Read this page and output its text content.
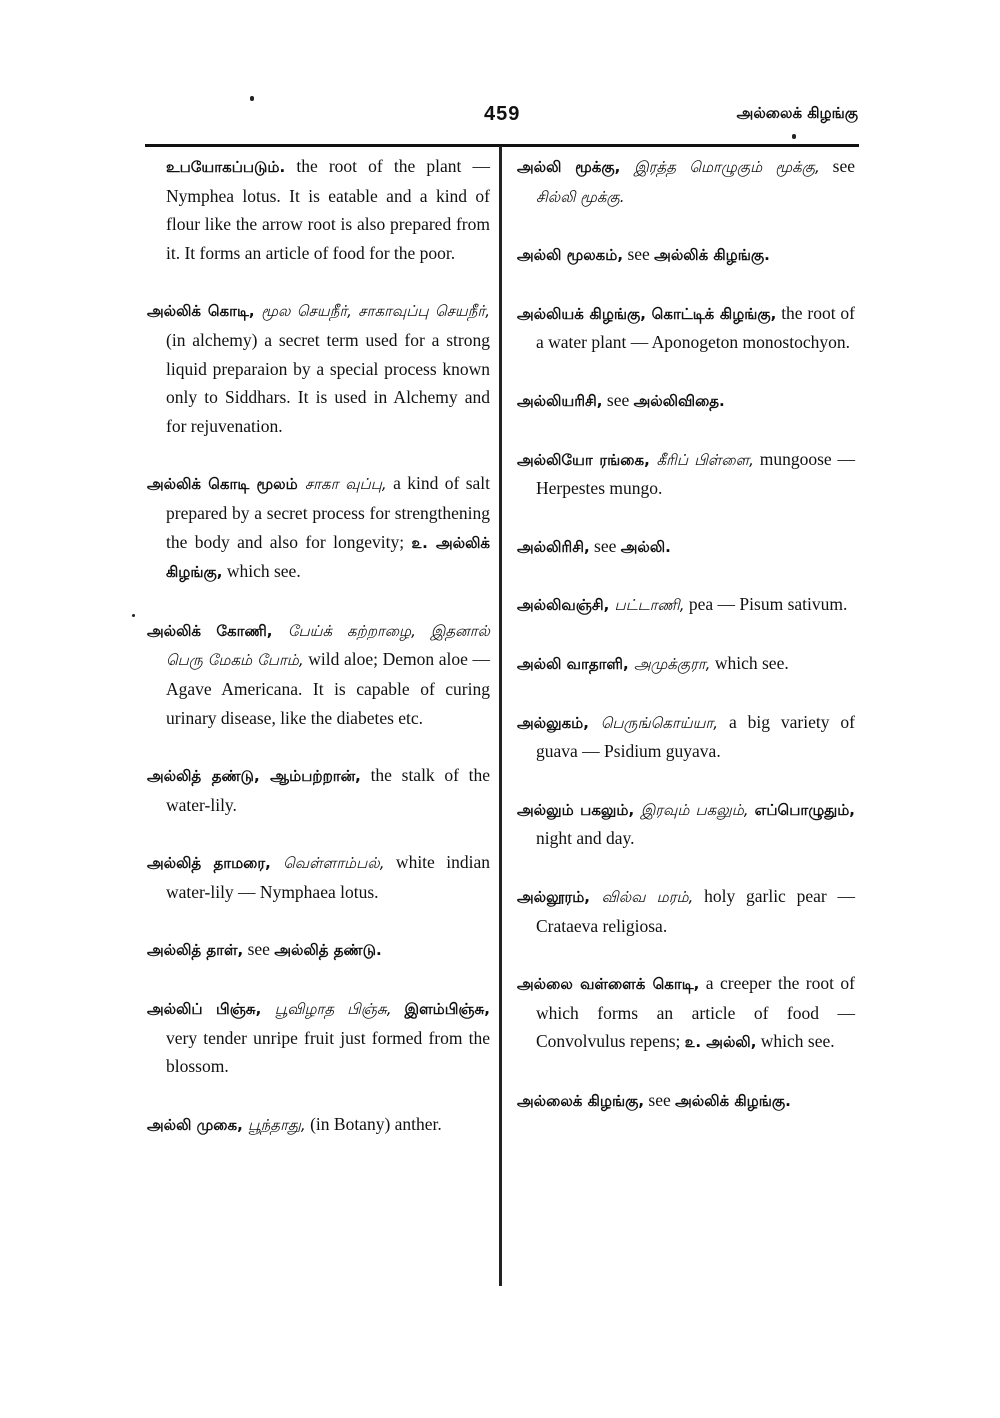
459	அல்லைக் கிழங்கு

உபயோகப்படும். the root of the plant — Nymphea lotus. It is eatable and a kind of flour like the arrow root is also prepared from it. It forms an article of food for the poor.

அல்லிக் கொடி, மூல செயநீர், சாகாவுப்பு செயநீர், (in alchemy) a secret term used for a strong liquid preparaion by a special process known only to Siddhars. It is used in Alchemy and for rejuvenation.

அல்லிக் கொடி மூலம் சாகா வுப்பு, a kind of salt prepared by a secret process for strengthening the body and also for longevity; ௨. அல்லிக் கிழங்கு, which see.

அல்லிக் கோணி, பேய்க் கற்றாழை, இதனால் பெரு மேகம் போம், wild aloe; Demon aloe — Agave Americana. It is capable of curing urinary disease, like the diabetes etc.

அல்லித் தண்டு, ஆம்பற்றான், the stalk of the water-lily.

அல்லித் தாமரை, வெள்ளாம்பல், white indian water-lily — Nymphaea lotus.

அல்லித் தாள், see அல்லித் தண்டு.

அல்லிப் பிஞ்சு, பூவிழாத பிஞ்சு, இளம்பிஞ்சு, very tender unripe fruit just formed from the blossom.

அல்லி முகை, பூந்தாது, (in Botany) anther.

அல்லி மூக்கு, இரத்த மொழுகும் மூக்கு, see சில்லி மூக்கு.

அல்லி மூலகம், see அல்லிக் கிழங்கு.

அல்லியக் கிழங்கு, கொட்டிக் கிழங்கு, the root of a water plant — Aponogeton monostochyon.

அல்லியரிசி, see அல்லிவிதை.

அல்லியோ ரங்கை, கீரிப் பிள்ளை, mungoose — Herpestes mungo.

அல்லிரிசி, see அல்லி.

அல்லிவஞ்சி, பட்டாணி, pea — Pisum sativum.

அல்லி வாதாளி, அமுக்குரா, which see.

அல்லுகம், பெருங்கொய்யா, a big variety of guava — Psidium guyava.

அல்லும் பகலும், இரவும் பகலும், எப்பொழுதும், night and day.

அல்லூரம், வில்வ மரம், holy garlic pear — Crataeva religiosa.

அல்லை வள்ளைக் கொடி, a creeper the root of which forms an article of food — Convolvulus repens; ௨. அல்லி, which see.

அல்லைக் கிழங்கு, see அல்லிக் கிழங்கு.
